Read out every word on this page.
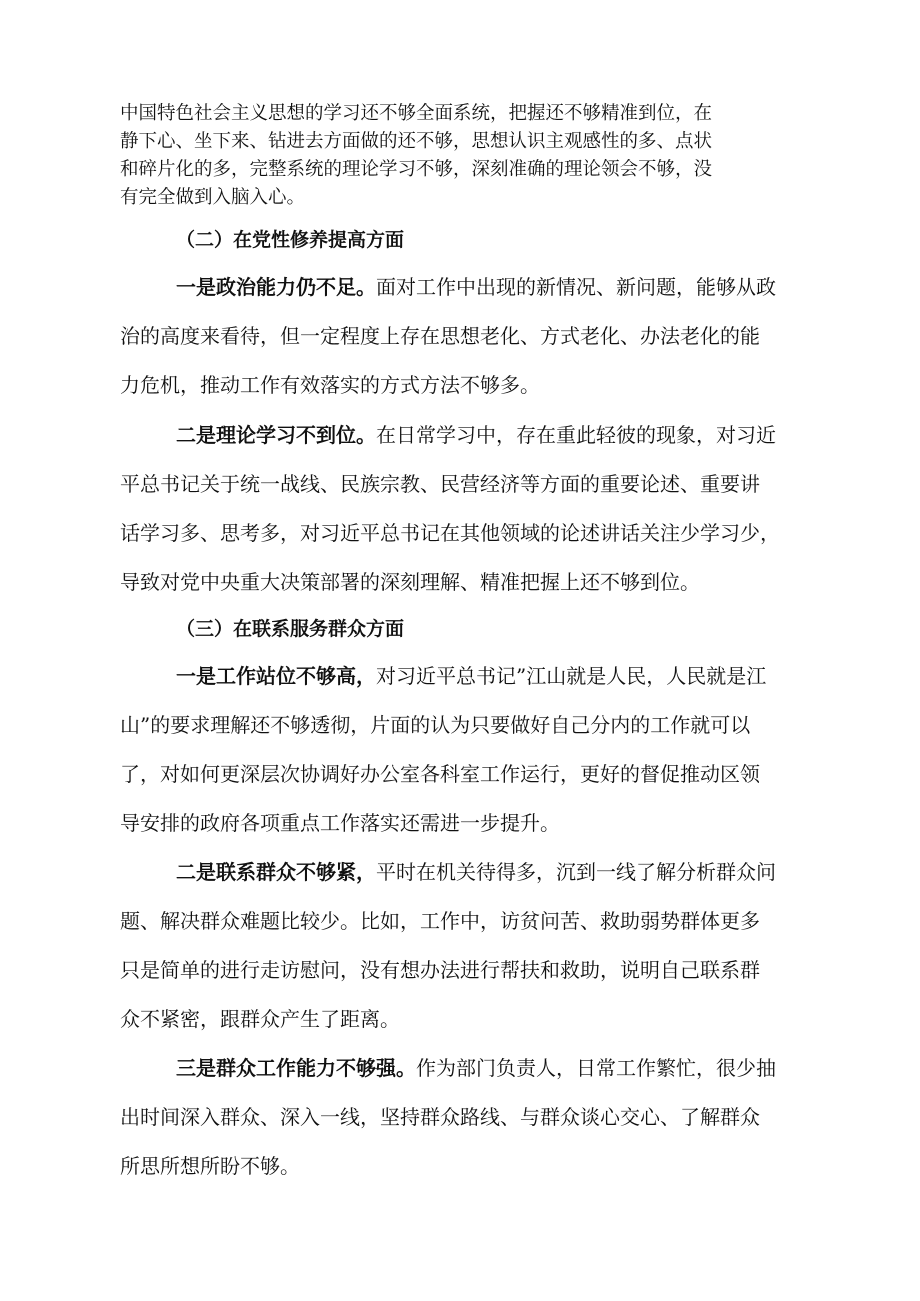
中国特色社会主义思想的学习还不够全面系统，把握还不够精准到位，在
静下心、坐下来、钻进去方面做的还不够，思想认识主观感性的多、点状
和碎片化的多，完整系统的理论学习不够，深刻准确的理论领会不够，没
有完全做到入脑入心。
（二）在党性修养提高方面
一是政治能力仍不足。面对工作中出现的新情况、新问题，能够从政
治的高度来看待，但一定程度上存在思想老化、方式老化、办法老化的能
力危机，推动工作有效落实的方式方法不够多。
二是理论学习不到位。在日常学习中，存在重此轻彼的现象，对习近
平总书记关于统一战线、民族宗教、民营经济等方面的重要论述、重要讲
话学习多、思考多，对习近平总书记在其他领域的论述讲话关注少学习少，
导致对党中央重大决策部署的深刻理解、精准把握上还不够到位。
（三）在联系服务群众方面
一是工作站位不够高，对习近平总书记”江山就是人民，人民就是江
山”的要求理解还不够透彻，片面的认为只要做好自己分内的工作就可以
了，对如何更深层次协调好办公室各科室工作运行，更好的督促推动区领
导安排的政府各项重点工作落实还需进一步提升。
二是联系群众不够紧，平时在机关待得多，沉到一线了解分析群众问
题、解决群众难题比较少。比如，工作中，访贫问苦、救助弱势群体更多
只是简单的进行走访慰问，没有想办法进行帮扶和救助，说明自己联系群
众不紧密，跟群众产生了距离。
三是群众工作能力不够强。作为部门负责人，日常工作繁忙，很少抽
出时间深入群众、深入一线，坚持群众路线、与群众谈心交心、了解群众
所思所想所盼不够。
